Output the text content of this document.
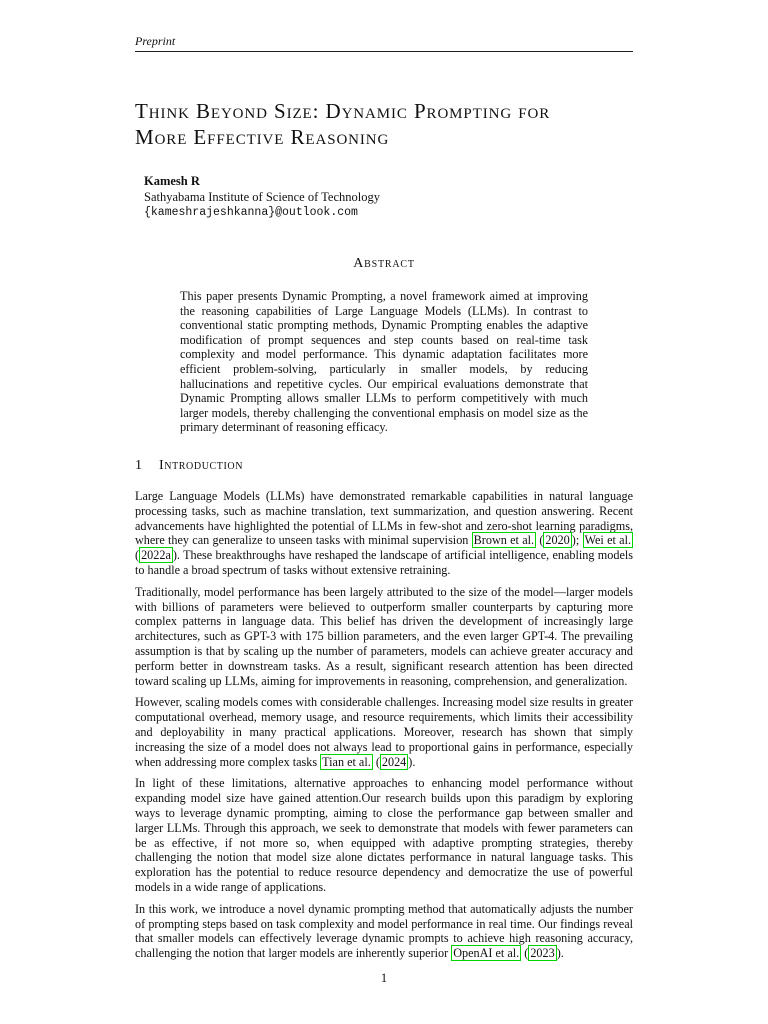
Preprint
Think Beyond Size: Dynamic Prompting for
More Effective Reasoning
Kamesh R
Sathyabama Institute of Science of Technology
{kameshrajeshkanna}@outlook.com
Abstract
This paper presents Dynamic Prompting, a novel framework aimed at improving the reasoning capabilities of Large Language Models (LLMs). In contrast to conventional static prompting methods, Dynamic Prompting enables the adaptive modification of prompt sequences and step counts based on real-time task complexity and model performance. This dynamic adaptation facilitates more efficient problem-solving, particularly in smaller models, by reducing hallucinations and repetitive cycles. Our empirical evaluations demonstrate that Dynamic Prompting allows smaller LLMs to perform competitively with much larger models, thereby challenging the conventional emphasis on model size as the primary determinant of reasoning efficacy.
1 Introduction

Large Language Models (LLMs) have demonstrated remarkable capabilities in natural language processing tasks, such as machine translation, text summarization, and question answering. Recent advancements have highlighted the potential of LLMs in few-shot and zero-shot learning paradigms, where they can generalize to unseen tasks with minimal supervision Brown et al. ( 2020 ); Wei et al. ( 2022a ). These breakthroughs have reshaped the landscape of artificial intelligence, enabling models to handle a broad spectrum of tasks without extensive retraining.

Traditionally, model performance has been largely attributed to the size of the model—larger models with billions of parameters were believed to outperform smaller counterparts by capturing more complex patterns in language data. This belief has driven the development of increasingly large architectures, such as GPT-3 with 175 billion parameters, and the even larger GPT-4. The prevailing assumption is that by scaling up the number of parameters, models can achieve greater accuracy and perform better in downstream tasks. As a result, significant research attention has been directed toward scaling up LLMs, aiming for improvements in reasoning, comprehension, and generalization.

However, scaling models comes with considerable challenges. Increasing model size results in greater computational overhead, memory usage, and resource requirements, which limits their accessibility and deployability in many practical applications. Moreover, research has shown that simply increasing the size of a model does not always lead to proportional gains in performance, especially when addressing more complex tasks Tian et al. ( 2024 ).

In light of these limitations, alternative approaches to enhancing model performance without expanding model size have gained attention.Our research builds upon this paradigm by exploring ways to leverage dynamic prompting, aiming to close the performance gap between smaller and larger LLMs. Through this approach, we seek to demonstrate that models with fewer parameters can be as effective, if not more so, when equipped with adaptive prompting strategies, thereby challenging the notion that model size alone dictates performance in natural language tasks. This exploration has the potential to reduce resource dependency and democratize the use of powerful models in a wide range of applications.

In this work, we introduce a novel dynamic prompting method that automatically adjusts the number of prompting steps based on task complexity and model performance in real time. Our findings reveal that smaller models can effectively leverage dynamic prompts to achieve high reasoning accuracy, challenging the notion that larger models are inherently superior OpenAI et al. ( 2023 ).

1
